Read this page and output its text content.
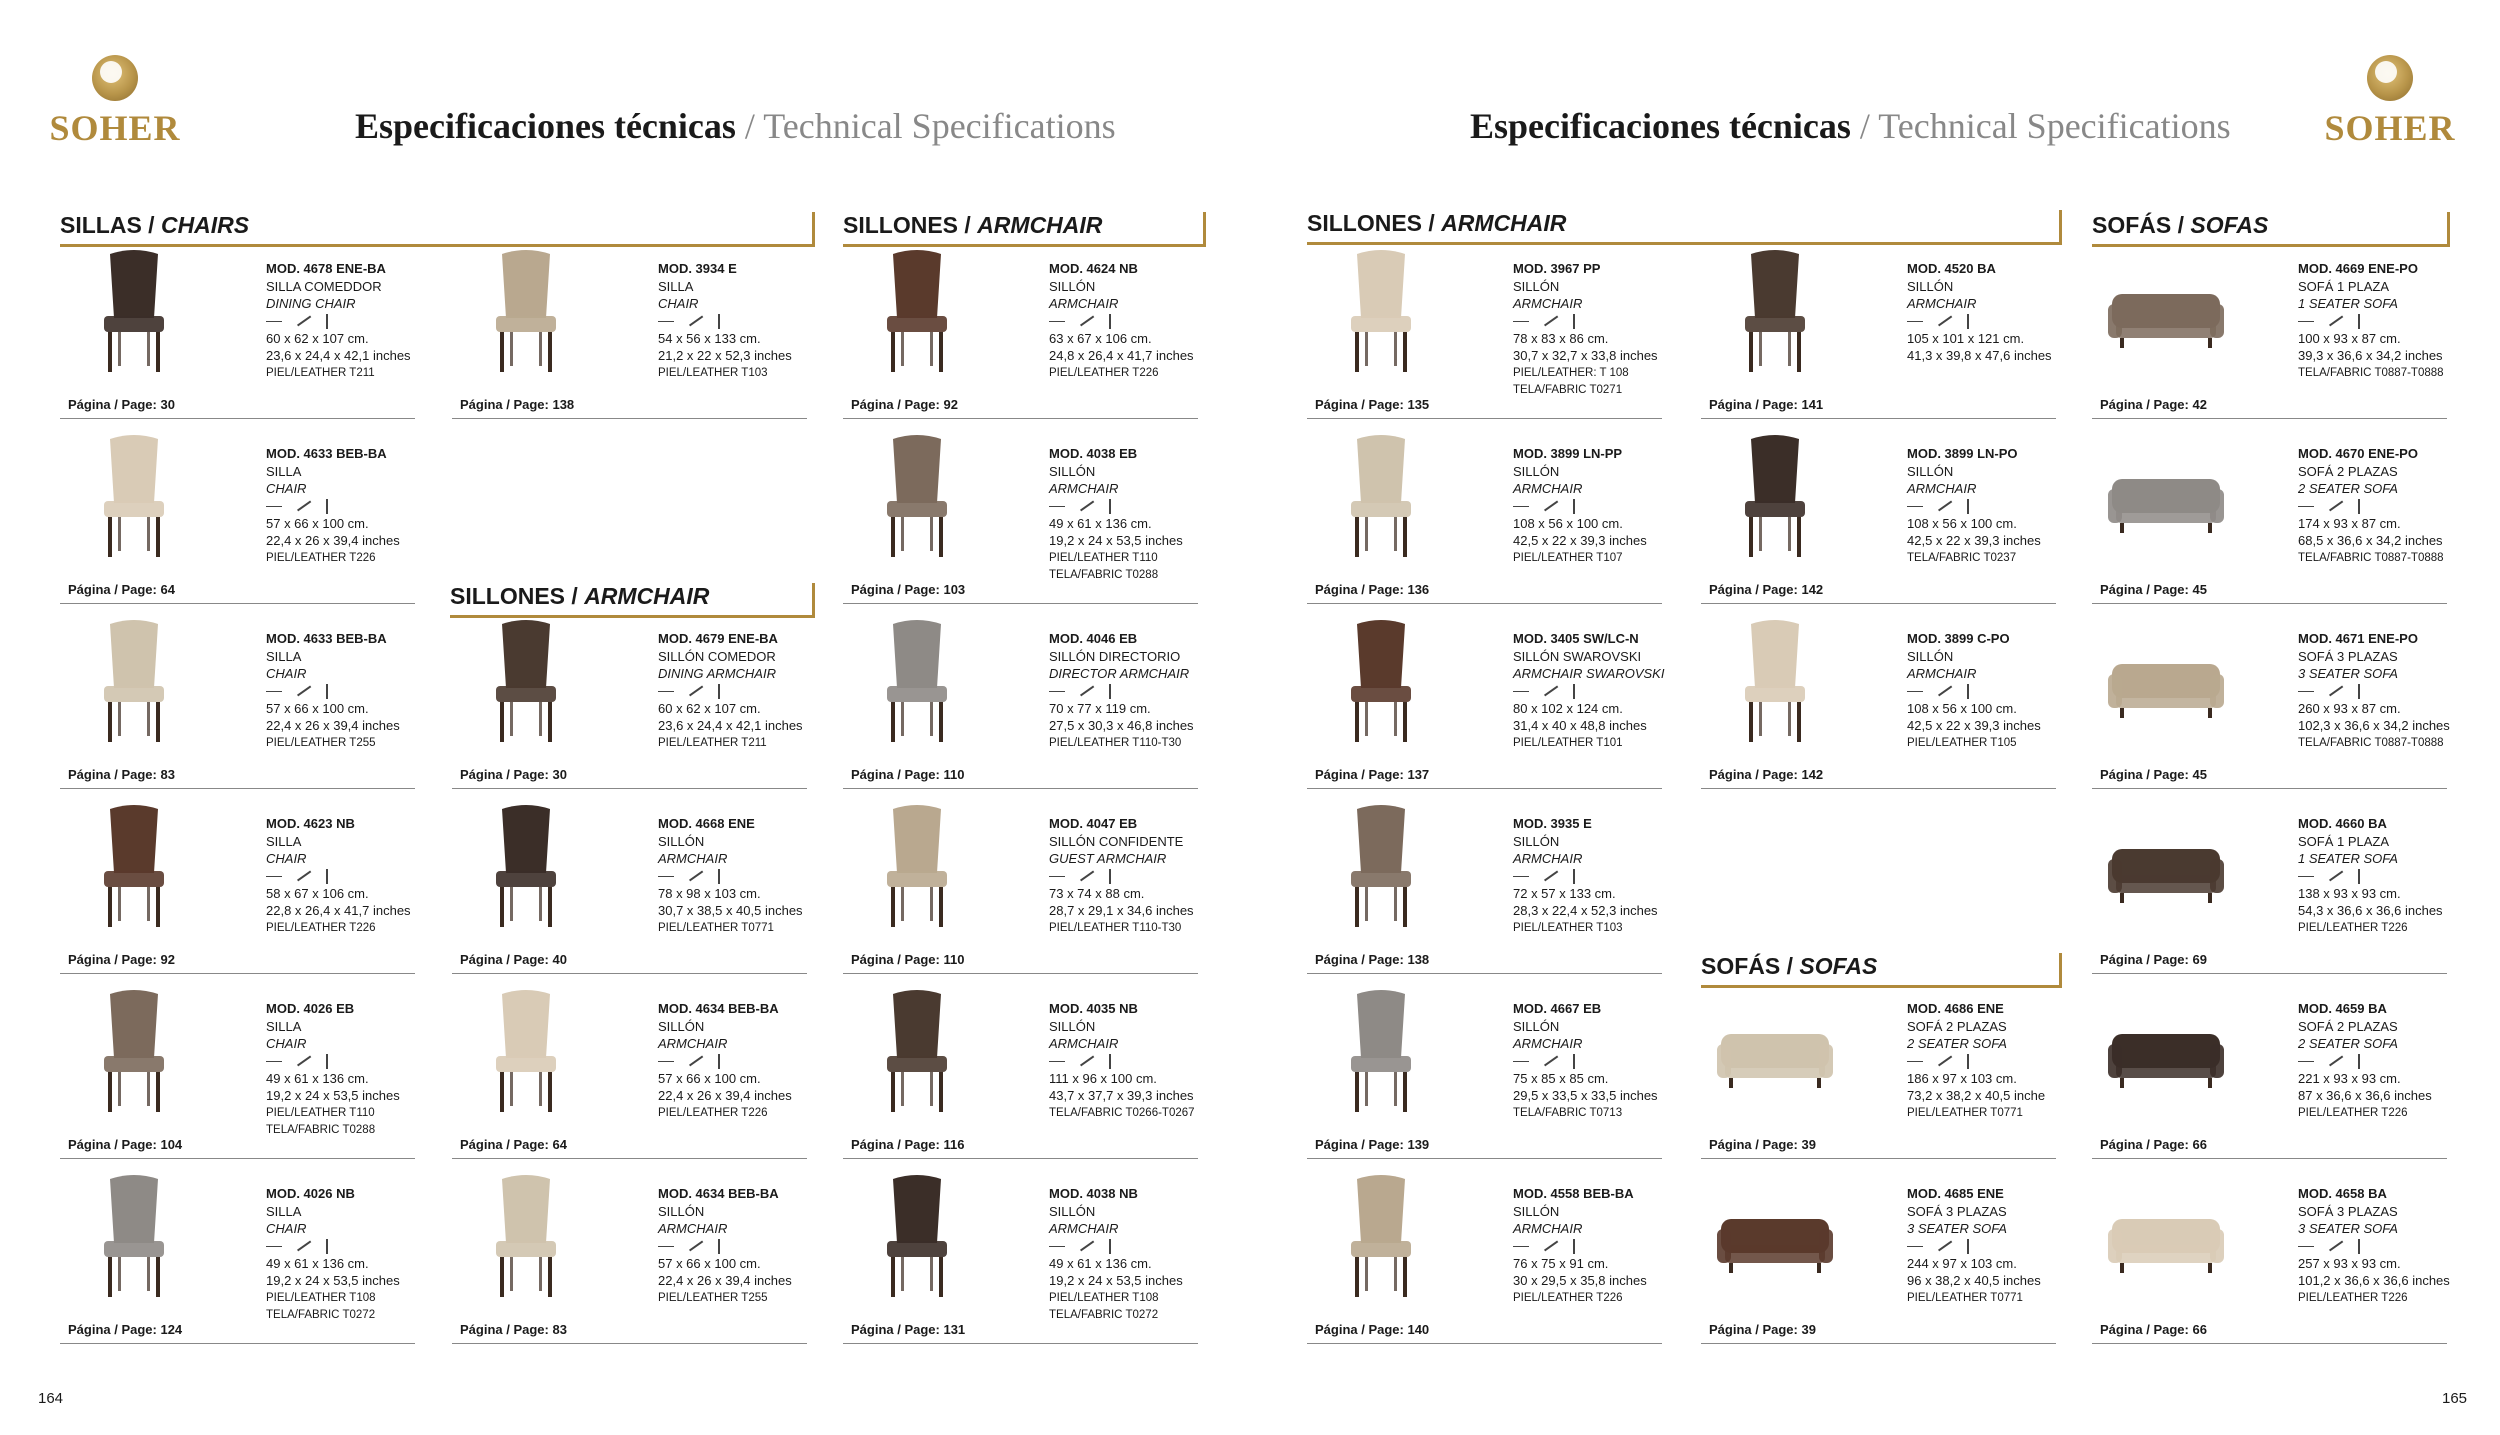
SOHER	SOHER
Especificaciones técnicas / Technical Specifications	Especificaciones técnicas / Technical Specifications
SILLAS / CHAIRS
SILLONES / ARMCHAIR
SILLONES / ARMCHAIR	SILLONES / ARMCHAIR
SOFÁS / SOFAS
SOFÁS / SOFAS
Página / Page: 30
MOD. 4678 ENE-BA
SILLA COMEDDOR
DINING CHAIR
60 x 62 x 107 cm.
23,6 x 24,4 x 42,1 inches
PIEL/LEATHER T211
Página / Page: 64
MOD. 4633 BEB-BA
SILLA
CHAIR
57 x 66 x 100 cm.
22,4 x 26 x 39,4 inches
PIEL/LEATHER T226
Página / Page: 83
MOD. 4633 BEB-BA
SILLA
CHAIR
57 x 66 x 100 cm.
22,4 x 26 x 39,4 inches
PIEL/LEATHER T255
Página / Page: 92
MOD. 4623 NB
SILLA
CHAIR
58 x 67 x 106 cm.
22,8 x 26,4 x 41,7 inches
PIEL/LEATHER T226
Página / Page: 104
MOD. 4026 EB
SILLA
CHAIR
49 x 61 x 136 cm.
19,2 x 24 x 53,5 inches
PIEL/LEATHER T110
TELA/FABRIC T0288
Página / Page: 124
MOD. 4026 NB
SILLA
CHAIR
49 x 61 x 136 cm.
19,2 x 24 x 53,5 inches
PIEL/LEATHER T108
TELA/FABRIC T0272
Página / Page: 138
MOD. 3934 E
SILLA
CHAIR
54 x 56 x 133 cm.
21,2 x 22 x 52,3 inches
PIEL/LEATHER T103
Página / Page: 30
MOD. 4679 ENE-BA
SILLÓN COMEDOR
DINING ARMCHAIR
60 x 62 x 107 cm.
23,6 x 24,4 x 42,1 inches
PIEL/LEATHER T211
Página / Page: 40
MOD. 4668 ENE
SILLÓN
ARMCHAIR
78 x 98 x 103 cm.
30,7 x 38,5 x 40,5 inches
PIEL/LEATHER T0771
Página / Page: 64
MOD. 4634 BEB-BA
SILLÓN
ARMCHAIR
57 x 66 x 100 cm.
22,4 x 26 x 39,4 inches
PIEL/LEATHER T226
Página / Page: 83
MOD. 4634 BEB-BA
SILLÓN
ARMCHAIR
57 x 66 x 100 cm.
22,4 x 26 x 39,4 inches
PIEL/LEATHER T255
Página / Page: 92
MOD. 4624 NB
SILLÓN
ARMCHAIR
63 x 67 x 106 cm.
24,8 x 26,4 x 41,7 inches
PIEL/LEATHER T226
Página / Page: 103
MOD. 4038 EB
SILLÓN
ARMCHAIR
49 x 61 x 136 cm.
19,2 x 24 x 53,5 inches
PIEL/LEATHER T110
TELA/FABRIC T0288
Página / Page: 110
MOD. 4046 EB
SILLÓN DIRECTORIO
DIRECTOR ARMCHAIR
70 x 77 x 119 cm.
27,5 x 30,3 x 46,8 inches
PIEL/LEATHER T110-T30
Página / Page: 110
MOD. 4047 EB
SILLÓN CONFIDENTE
GUEST ARMCHAIR
73 x 74 x 88 cm.
28,7 x 29,1 x 34,6 inches
PIEL/LEATHER T110-T30
Página / Page: 116
MOD. 4035 NB
SILLÓN
ARMCHAIR
111 x 96 x 100 cm.
43,7 x 37,7 x 39,3 inches
TELA/FABRIC T0266-T0267
Página / Page: 131
MOD. 4038 NB
SILLÓN
ARMCHAIR
49 x 61 x 136 cm.
19,2 x 24 x 53,5 inches
PIEL/LEATHER T108
TELA/FABRIC T0272
Página / Page: 135
MOD. 3967 PP
SILLÓN
ARMCHAIR
78 x 83 x 86 cm.
30,7 x 32,7 x 33,8 inches
PIEL/LEATHER: T 108
TELA/FABRIC T0271
Página / Page: 136
MOD. 3899 LN-PP
SILLÓN
ARMCHAIR
108 x 56 x 100 cm.
42,5 x 22 x 39,3 inches
PIEL/LEATHER T107
Página / Page: 137
MOD. 3405 SW/LC-N
SILLÓN SWAROVSKI
ARMCHAIR SWAROVSKI
80 x 102 x 124 cm.
31,4 x 40 x 48,8 inches
PIEL/LEATHER T101
Página / Page: 138
MOD. 3935 E
SILLÓN
ARMCHAIR
72 x 57 x 133 cm.
28,3 x 22,4 x 52,3 inches
PIEL/LEATHER T103
Página / Page: 139
MOD. 4667 EB
SILLÓN
ARMCHAIR
75 x 85 x 85 cm.
29,5 x 33,5 x 33,5 inches
TELA/FABRIC T0713
Página / Page: 140
MOD. 4558 BEB-BA
SILLÓN
ARMCHAIR
76 x 75 x 91 cm.
30 x 29,5 x 35,8 inches
PIEL/LEATHER T226
Página / Page: 141
MOD. 4520 BA
SILLÓN
ARMCHAIR
105 x 101 x 121 cm.
41,3 x 39,8 x 47,6 inches
Página / Page: 142
MOD. 3899 LN-PO
SILLÓN
ARMCHAIR
108 x 56 x 100 cm.
42,5 x 22 x 39,3 inches
TELA/FABRIC T0237
Página / Page: 142
MOD. 3899 C-PO
SILLÓN
ARMCHAIR
108 x 56 x 100 cm.
42,5 x 22 x 39,3 inches
PIEL/LEATHER T105
Página / Page: 39
MOD. 4686 ENE
SOFÁ 2 PLAZAS
2 SEATER SOFA
186 x 97 x 103 cm.
73,2 x 38,2 x 40,5 inche
PIEL/LEATHER T0771
Página / Page: 39
MOD. 4685 ENE
SOFÁ 3 PLAZAS
3 SEATER SOFA
244 x 97 x 103 cm.
96 x 38,2 x 40,5 inches
PIEL/LEATHER T0771
Página / Page: 42
MOD. 4669 ENE-PO
SOFÁ 1 PLAZA
1 SEATER SOFA
100 x 93 x 87 cm.
39,3 x 36,6 x 34,2 inches
TELA/FABRIC T0887-T0888
Página / Page: 45
MOD. 4670 ENE-PO
SOFÁ 2 PLAZAS
2 SEATER SOFA
174 x 93 x 87 cm.
68,5 x 36,6 x 34,2 inches
TELA/FABRIC T0887-T0888
Página / Page: 45
MOD. 4671 ENE-PO
SOFÁ 3 PLAZAS
3 SEATER SOFA
260 x 93 x 87 cm.
102,3 x 36,6 x 34,2 inches
TELA/FABRIC T0887-T0888
Página / Page: 69
MOD. 4660 BA
SOFÁ 1 PLAZA
1 SEATER SOFA
138 x 93 x 93 cm.
54,3 x 36,6 x 36,6 inches
PIEL/LEATHER T226
Página / Page: 66
MOD. 4659 BA
SOFÁ 2 PLAZAS
2 SEATER SOFA
221 x 93 x 93 cm.
87 x 36,6 x 36,6 inches
PIEL/LEATHER T226
Página / Page: 66
MOD. 4658 BA
SOFÁ 3 PLAZAS
3 SEATER SOFA
257 x 93 x 93 cm.
101,2 x 36,6 x 36,6 inches
PIEL/LEATHER T226
164	165
